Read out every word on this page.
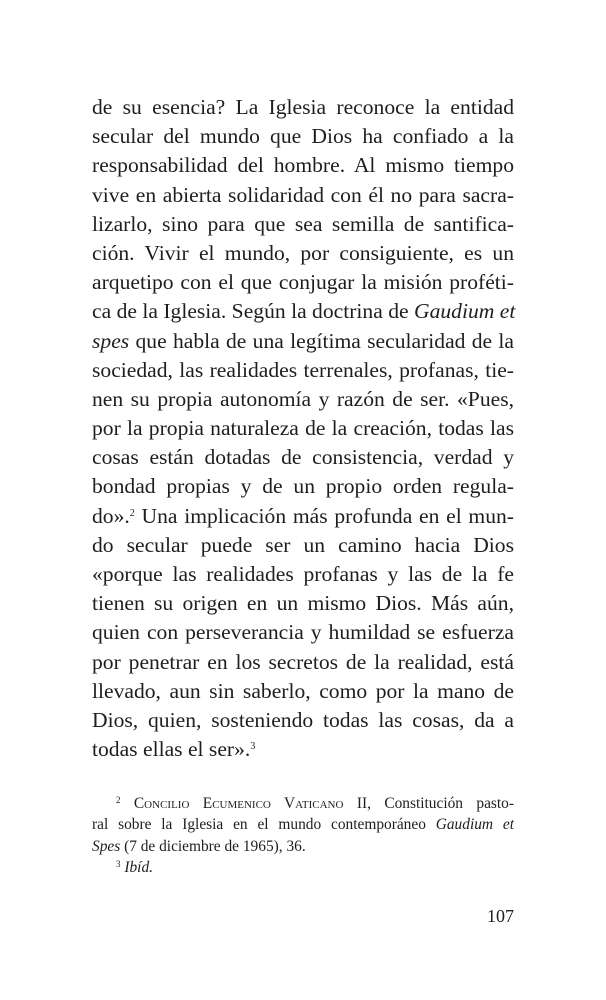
de su esencia? La Iglesia reconoce la entidad
secular del mundo que Dios ha confiado a la
responsabilidad del hombre. Al mismo tiempo
vive en abierta solidaridad con él no para sacra-
lizarlo, sino para que sea semilla de santifica-
ción. Vivir el mundo, por consiguiente, es un
arquetipo con el que conjugar la misión proféti-
ca de la Iglesia. Según la doctrina de Gaudium et
spes que habla de una legítima secularidad de la
sociedad, las realidades terrenales, profanas, tie-
nen su propia autonomía y razón de ser. «Pues,
por la propia naturaleza de la creación, todas las
cosas están dotadas de consistencia, verdad y
bondad propias y de un propio orden regula-
do».$^2$ Una implicación más profunda en el mun-
do secular puede ser un camino hacia Dios
«porque las realidades profanas y las de la fe
tienen su origen en un mismo Dios. Más aún,
quien con perseverancia y humildad se esfuerza
por penetrar en los secretos de la realidad, está
llevado, aun sin saberlo, como por la mano de
Dios, quien, sosteniendo todas las cosas, da a
todas ellas el ser».$^3$
$^2$ Concilio Ecumenico Vaticano II, Constitución pasto-
ral sobre la Iglesia en el mundo contemporáneo Gaudium et
Spes (7 de diciembre de 1965), 36.
$^3$ Ibíd.
107
